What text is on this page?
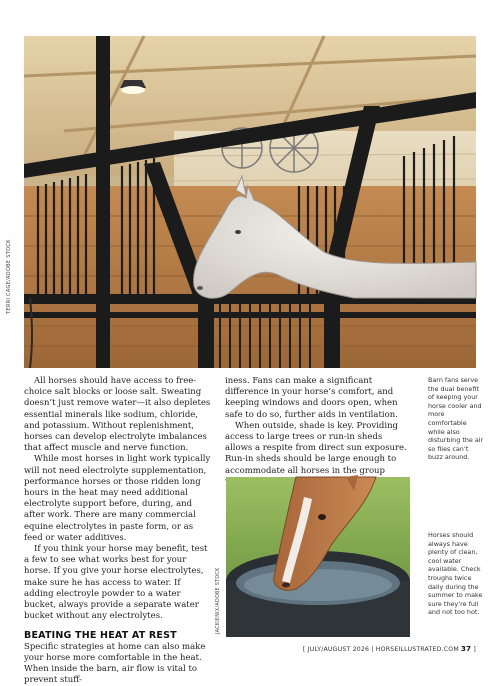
TERRI CAGE/ADOBE STOCK

All horses should have access to free-choice salt blocks or loose salt. Sweating doesn’t just remove water—it also depletes essential minerals like sodium, chloride, and potassium. Without replenishment, horses can develop electrolyte imbalances that affect muscle and nerve function.

While most horses in light work typically will not need electrolyte supplementation, performance horses or those ridden long hours in the heat may need additional electrolyte support before, during, and after work. There are many commercial equine electrolytes in paste form, or as feed or water additives.

If you think your horse may benefit, test a few to see what works best for your horse. If you give your horse electrolytes, make sure he has access to water. If adding electroyle powder to a water bucket, always provide a separate water bucket without any electrolytes.

BEATING THE HEAT AT REST

Specific strategies at home can also make your horse more comfortable in the heat. When inside the barn, air flow is vital to prevent stuff-

iness. Fans can make a significant difference in your horse’s comfort, and keeping windows and doors open, when safe to do so, further aids in ventilation.

When outside, shade is key. Providing access to large trees or run-in sheds allows a respite from direct sun exposure. Run-in sheds should be large enough to accommodate all horses in the group

Barn fans serve the dual benefit of keeping your horse cooler and more comfortable while also disturbing the air so flies can’t buzz around.
Horses should always have plenty of clean, cool water available. Check troughs twice daily during the summer to make sure they’re full and not too hot.
JACKIENIX/ADOBE STOCK
[ JULY/AUGUST 2026 | HORSEILLUSTRATED.COM 37 ]
